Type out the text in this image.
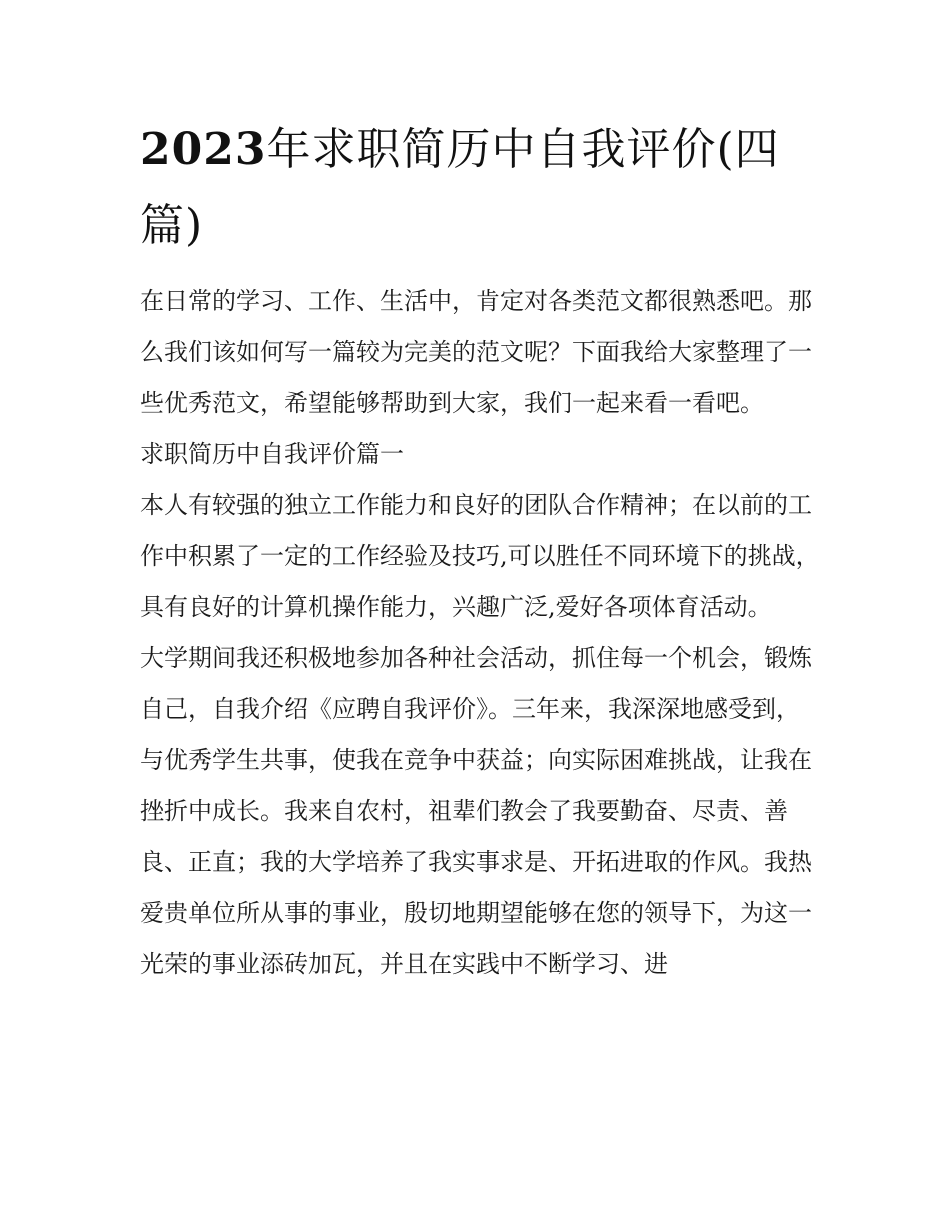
2023年求职简历中自我评价(四篇)

在日常的学习、工作、生活中，肯定对各类范文都很熟悉吧。那么我们该如何写一篇较为完美的范文呢？下面我给大家整理了一些优秀范文，希望能够帮助到大家，我们一起来看一看吧。

求职简历中自我评价篇一

本人有较强的独立工作能力和良好的团队合作精神；在以前的工作中积累了一定的工作经验及技巧,可以胜任不同环境下的挑战，具有良好的计算机操作能力，兴趣广泛,爱好各项体育活动。

大学期间我还积极地参加各种社会活动，抓住每一个机会，锻炼自己，自我介绍《应聘自我评价》。三年来，我深深地感受到，与优秀学生共事，使我在竞争中获益；向实际困难挑战，让我在挫折中成长。我来自农村，祖辈们教会了我要勤奋、尽责、善良、正直；我的大学培养了我实事求是、开拓进取的作风。我热爱贵单位所从事的事业，殷切地期望能够在您的领导下，为这一光荣的事业添砖加瓦，并且在实践中不断学习、进
